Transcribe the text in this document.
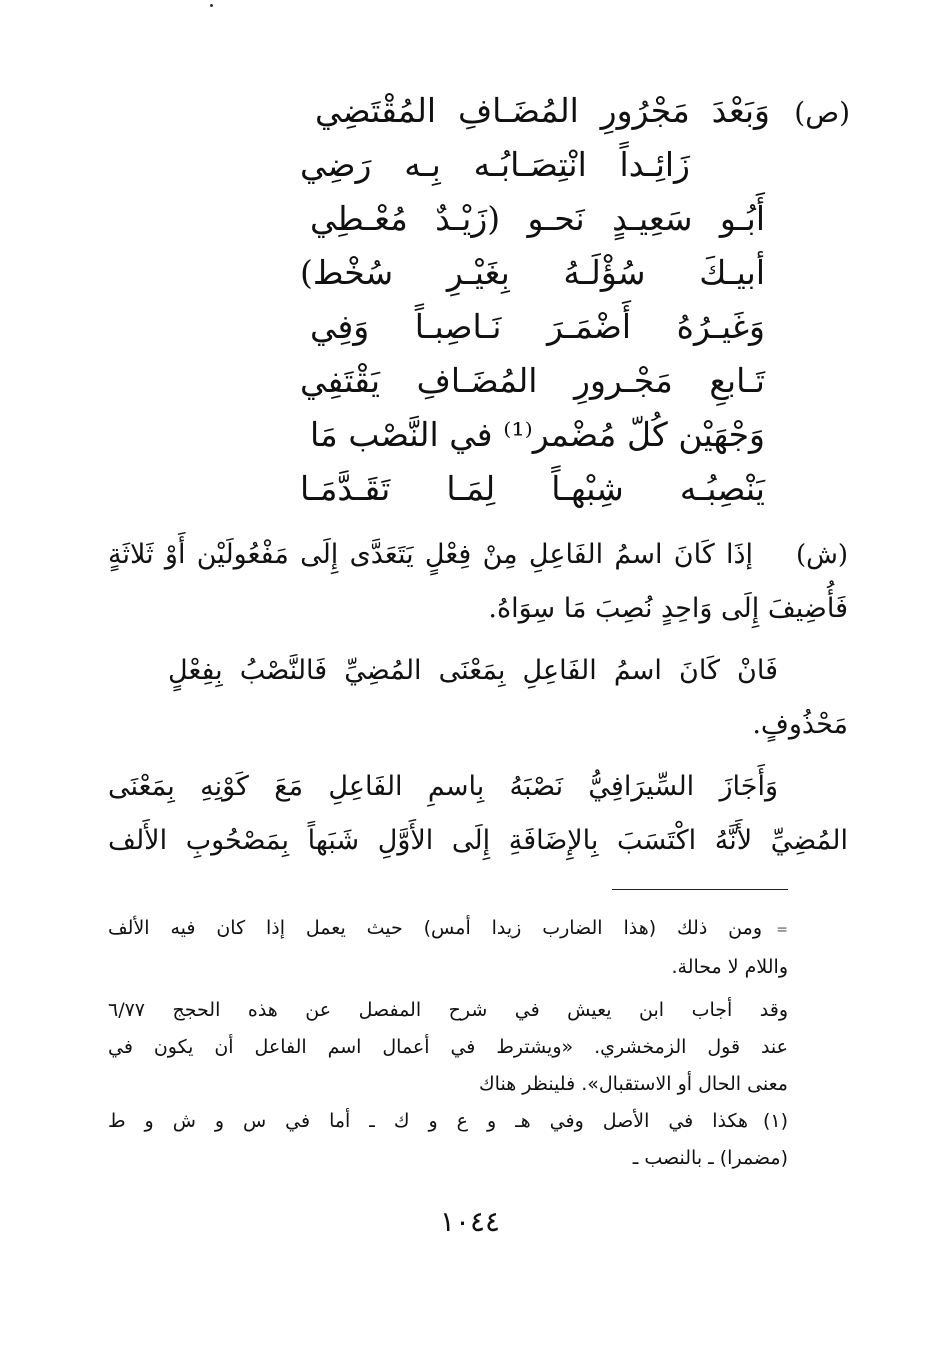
(ص)
وَبَعْدَ مَجْرُورِ المُضَـافِ المُقْتَضِي
زَائِـداً انْتِصَـابُـه بِـه رَضِي
أَبُـو سَعِيـدٍ نَحـو (زَيْـدٌ مُعْـطِي
أبيـكَ سُؤْلَـهُ بِغَيْـرِ سُخْط)
وَغَيـرُهُ أَضْمَـرَ نَـاصِبـاً وَفِي
تَـابعِ مَجْـرورِ المُضَـافِ يَقْتَفِي
وَجْهَيْن كُلّ مُضْمر⁽¹⁾ في النَّصْب مَا
يَنْصِبُـه شِبْهـاً لِمَـا تَقَـدَّمَـا
(ش)إذَا كَانَ اسمُ الفَاعِلِ مِنْ فِعْلٍ يَتَعَدَّى إِلَى مَفْعُولَيْن أَوْ ثَلاثَةٍ
فَأُضِيفَ إِلَى وَاحِدٍ نُصِبَ مَا سِوَاهُ.
فَانْ كَانَ اسمُ الفَاعِلِ بِمَعْنَى المُضِيِّ فَالنَّصْبُ بِفِعْلٍ
مَحْذُوفٍ.
وَأَجَازَ السِّيرَافِيُّ نَصْبَهُ بِاسمِ الفَاعِلِ مَعَ كَوْنِهِ بِمَعْنَى
المُضِيِّ لأَنَّهُ اكْتَسَبَ بِالإِضَافَةِ إِلَى الأَوَّلِ شَبَهاً بِمَصْحُوبِ الأَلف
=ومن ذلك (هذا الضارب زيدا أمس) حيث يعمل إذا كان فيه الألف
واللام لا محالة.
وقد أجاب ابن يعيش في شرح المفصل عن هذه الحجج ٦/٧٧
عند قول الزمخشري. «ويشترط في أعمال اسم الفاعل أن يكون في
معنى الحال أو الاستقبال». فلينظر هناك
(١)هكذا في الأصل وفي هـ و ع و ك ـ أما في س و ش و ط
(مضمرا) ـ بالنصب ـ
١٠٤٤
